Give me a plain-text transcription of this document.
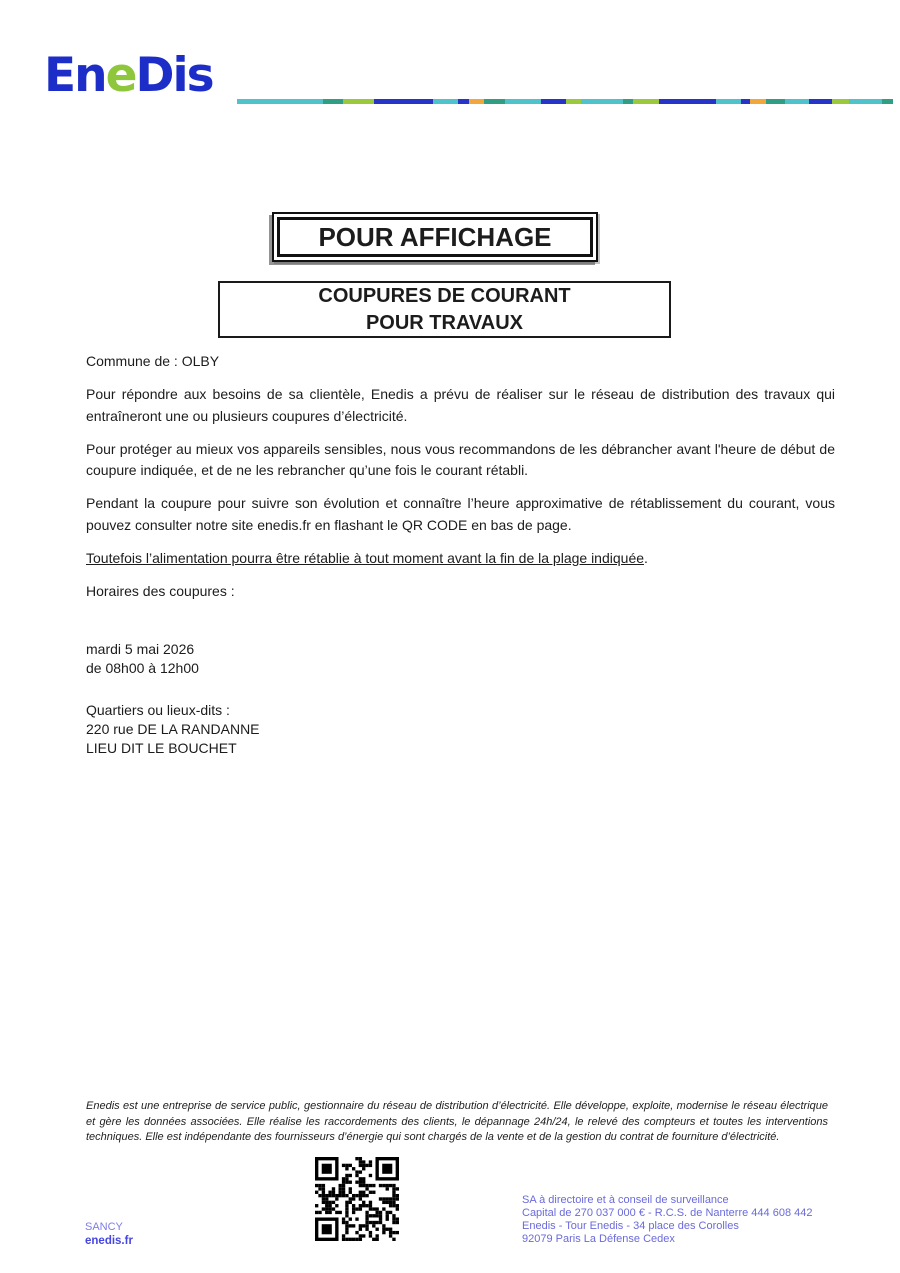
EneDis
POUR AFFICHAGE
COUPURES DE COURANT
POUR TRAVAUX

Commune de : OLBY

Pour répondre aux besoins de sa clientèle, Enedis a prévu de réaliser sur le réseau de distribution des travaux qui entraîneront une ou plusieurs coupures d’électricité.

Pour protéger au mieux vos appareils sensibles, nous vous recommandons de les débrancher avant l'heure de début de coupure indiquée, et de ne les rebrancher qu’une fois le courant rétabli.

Pendant la coupure pour suivre son évolution et connaître l’heure approximative de rétablissement du courant, vous pouvez consulter notre site enedis.fr en flashant le QR CODE en bas de page.

Toutefois l’alimentation pourra être rétablie à tout moment avant la fin de la plage indiquée.

Horaires des coupures :

mardi 5 mai 2026
de 08h00 à 12h00
Quartiers ou lieux-dits :
220 rue DE LA RANDANNE
LIEU DIT LE BOUCHET
Enedis est une entreprise de service public, gestionnaire du réseau de distribution d’électricité. Elle développe, exploite, modernise le réseau électrique et gère les données associées. Elle réalise les raccordements des clients, le dépannage 24h/24, le relevé des compteurs et toutes les interventions techniques. Elle est indépendante des fournisseurs d’énergie qui sont chargés de la vente et de la gestion du contrat de fourniture d’électricité.
SA à directoire et à conseil de surveillance
Capital de 270 037 000 € - R.C.S. de Nanterre 444 608 442
Enedis - Tour Enedis - 34 place des Corolles
92079 Paris La Défense Cedex
SANCY
enedis.fr
